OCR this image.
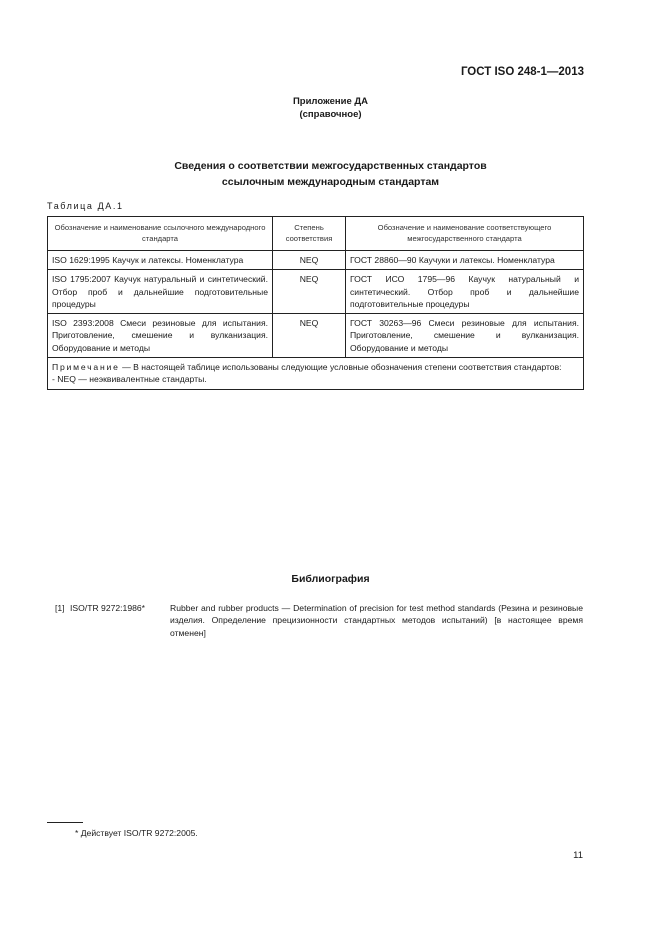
ГОСТ ISO 248-1—2013
Приложение ДА
(справочное)
Сведения о соответствии межгосударственных стандартов
ссылочным международным стандартам
Таблица ДА.1
Обозначение и наименование ссылочного международного стандарта	Степень соответствия	Обозначение и наименование соответствующего межгосударственного стандарта
ISO 1629:1995 Каучук и латексы. Номенклатура	NEQ	ГОСТ 28860—90 Каучуки и латексы. Номенклатура
ISO 1795:2007 Каучук натуральный и синтетический. Отбор проб и дальнейшие подготовительные процедуры	NEQ	ГОСТ ИСО 1795—96 Каучук натуральный и синтетический. Отбор проб и дальнейшие подготовительные процедуры
ISO 2393:2008 Смеси резиновые для испытания. Приготовление, смешение и вулканизация. Оборудование и методы	NEQ	ГОСТ 30263—96 Смеси резиновые для испытания. Приготовление, смешение и вулканизация. Оборудование и методы

Примечание — В настоящей таблице использованы следующие условные обозначения степени соответствия стандартов:
- NEQ — неэквивалентные стандарты.		
Библиография
[1] ISO/TR 9272:1986*	Rubber and rubber products — Determination of precision for test method standards (Резина и резиновые изделия. Определение прецизионности стандартных методов испытаний) [в настоящее время отменен]
* Действует ISO/TR 9272:2005.
11
